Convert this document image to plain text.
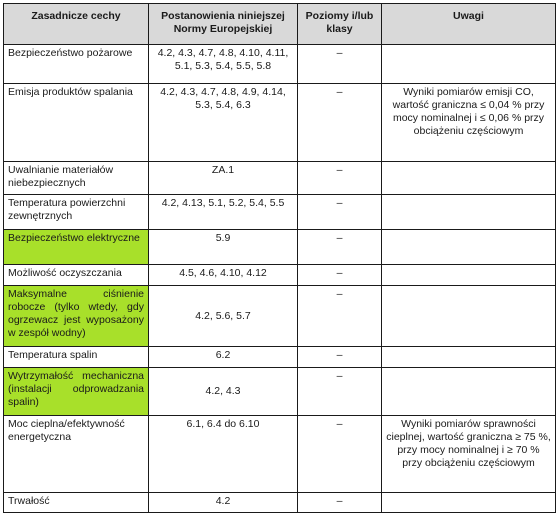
Zasadnicze cechy	Postanowienia niniejszej Normy Europejskiej	Poziomy i/lub klasy	Uwagi
Bezpieczeństwo pożarowe	4.2, 4.3, 4.7, 4.8, 4.10, 4.11, 5.1, 5.3, 5.4, 5.5, 5.8	–	
Emisja produktów spalania	4.2, 4.3, 4.7, 4.8, 4.9, 4.14, 5.3, 5.4, 6.3	–	Wyniki pomiarów emisji CO, wartość graniczna ≤ 0,04 % przy mocy nominalnej i ≤ 0,06 % przy obciążeniu częściowym
Uwalnianie materiałów niebezpiecznych	ZA.1	–	
Temperatura powierzchni zewnętrznych	4.2, 4.13, 5.1, 5.2, 5.4, 5.5	–	
Bezpieczeństwo elektryczne	5.9	–	
Możliwość oczyszczania	4.5, 4.6, 4.10, 4.12	–	
Maksymalne ciśnienie robocze (tylko wtedy, gdy ogrzewacz jest wyposażony w zespół wodny)	4.2, 5.6, 5.7	–	
Temperatura spalin	6.2	–	
Wytrzymałość mechaniczna (instalacji odprowadzania spalin)	4.2, 4.3	–	
Moc cieplna/efektywność energetyczna	6.1, 6.4 do 6.10	–	Wyniki pomiarów sprawności cieplnej, wartość graniczna ≥ 75 %, przy mocy nominalnej i ≥ 70 % przy obciążeniu częściowym
Trwałość	4.2	–	
